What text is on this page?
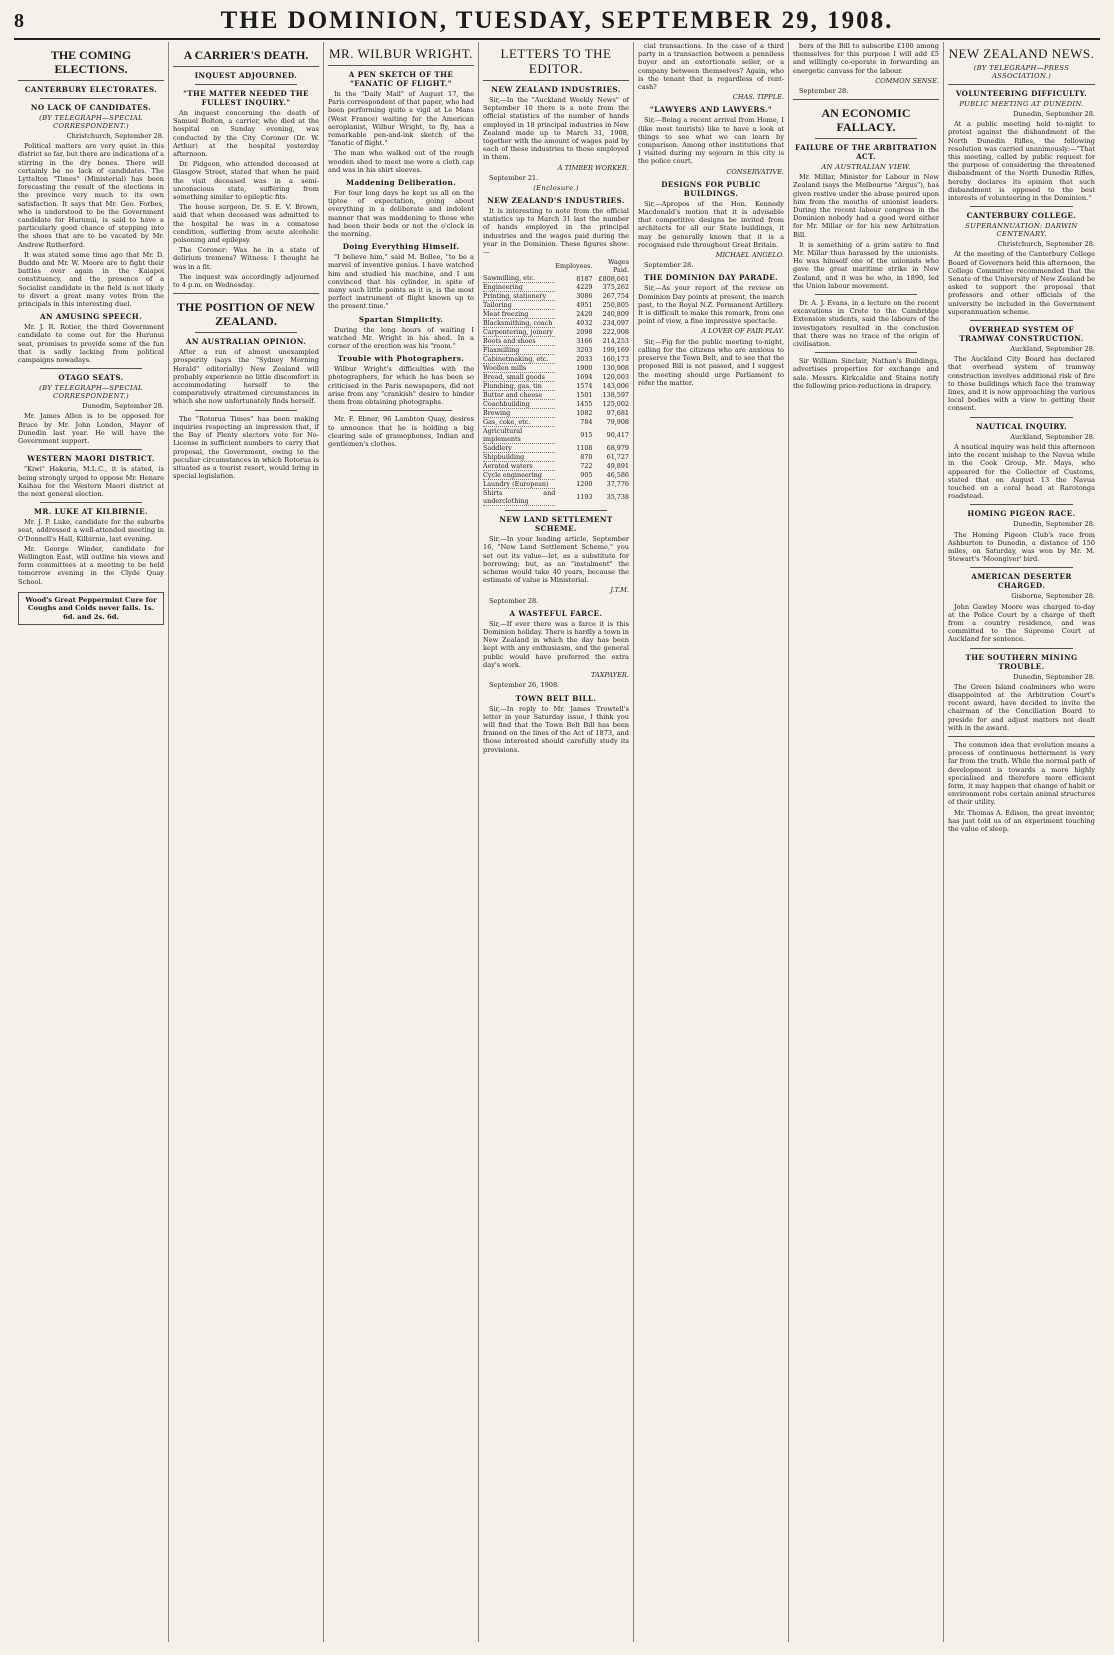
8	THE DOMINION, TUESDAY, SEPTEMBER 29, 1908.
THE COMING ELECTIONS.
CANTERBURY ELECTORATES.
NO LACK OF CANDIDATES.
(BY TELEGRAPH—SPECIAL CORRESPONDENT.)

Christchurch, September 28.

Political matters are very quiet in this district so far, but there are indications of a stirring in the dry bones. There will certainly be no lack of candidates. The Lyttelton "Times" (Ministerial) has been forecasting the result of the elections in the province very much to its own satisfaction. It says that Mr. Geo. Forbes, who is understood to be the Government candidate for Hurunui, is said to have a particularly good chance of stepping into the shoes that are to be vacated by Mr. Andrew Rutherford.

It was stated some time ago that Mr. D. Buddo and Mr. W. Moore are to fight their battles over again in the Kaiapoi constituency, and the presence of a Socialist candidate in the field is not likely to divert a great many votes from the principals in this interesting duel.

AN AMUSING SPEECH.

Mr. J. R. Rotier, the third Government candidate to come out for the Hurunui seat, promises to provide some of the fun that is sadly lacking from political campaigns nowadays.

OTAGO SEATS.
(BY TELEGRAPH—SPECIAL CORRESPONDENT.)

Dunedin, September 28.

Mr. James Allen is to be opposed for Bruce by Mr. John London, Mayor of Dunedin last year. He will have the Government support.

WESTERN MAORI DISTRICT.

"Kiwi" Hakaria, M.L.C., it is stated, is being strongly urged to oppose Mr. Henare Kaihau for the Western Maori district at the next general election.

MR. LUKE AT KILBIRNIE.

Mr. J. P. Luke, candidate for the suburbs seat, addressed a well-attended meeting in O'Donnell's Hall, Kilbirnie, last evening.

Mr. George Winder, candidate for Wellington East, will outline his views and form committees at a meeting to be held tomorrow evening in the Clyde Quay School.

Wood's Great Peppermint Cure for Coughs and Colds never fails. 1s. 6d. and 2s. 6d.
A CARRIER'S DEATH.
INQUEST ADJOURNED.
"THE MATTER NEEDED THE FULLEST INQUIRY."

An inquest concerning the death of Samuel Bolton, a carrier, who died at the hospital on Sunday evening, was conducted by the City Coroner (Dr. W. Arthur) at the hospital yesterday afternoon.

Dr. Pidgeon, who attended deceased at Glasgow Street, stated that when he paid the visit deceased was in a semi-unconscious state, suffering from something similar to epileptic fits.

The house surgeon, Dr. S. E. V. Brown, said that when deceased was admitted to the hospital he was in a comatose condition, suffering from acute alcoholic poisoning and epilepsy.

The Coroner: Was he in a state of delirium tremens? Witness: I thought he was in a fit.

The inquest was accordingly adjourned to 4 p.m. on Wednesday.

THE POSITION OF NEW ZEALAND.
AN AUSTRALIAN OPINION.

After a run of almost unexampled prosperity (says the "Sydney Morning Herald" editorially) New Zealand will probably experience no little discomfort in accommodating herself to the comparatively straitened circumstances in which she now unfortunately finds herself.

The "Rotorua Times" has been making inquiries respecting an impression that, if the Bay of Plenty electors vote for No-License in sufficient numbers to carry that proposal, the Government, owing to the peculiar circumstances in which Rotorua is situated as a tourist resort, would bring in special legislation.

MR. WILBUR WRIGHT.
A PEN SKETCH OF THE "FANATIC OF FLIGHT."

In the "Daily Mail" of August 17, the Paris correspondent of that paper, who had been performing quite a vigil at Le Mans (West France) waiting for the American aeroplanist, Wilbur Wright, to fly, has a remarkable pen-and-ink sketch of the "fanatic of flight."

The man who walked out of the rough wooden shed to meet me wore a cloth cap and was in his shirt sleeves.

Maddening Deliberation.

For four long days he kept us all on the tiptoe of expectation, going about everything in a deliberate and indolent manner that was maddening to those who had been their beds or not the o'clock in the morning.

Doing Everything Himself.

"I believe him," said M. Bollee, "to be a marvel of inventive genius. I have watched him and studied his machine, and I am convinced that his cylinder, in spite of many such little points as it is, is the most perfect instrument of flight known up to the present time."

Spartan Simplicity.

During the long hours of waiting I watched Mr. Wright in his shed. In a corner of the erection was his "room."

Trouble with Photographers.

Wilbur Wright's difficulties with the photographers, for which he has been so criticised in the Paris newspapers, did not arise from any "crankish" desire to hinder them from obtaining photographs.

Mr. F. Ebner, 96 Lambton Quay, desires to announce that he is holding a big clearing sale of gramophones, Indian and gentlemen's clothes.

LETTERS TO THE EDITOR.
NEW ZEALAND INDUSTRIES.

Sir,—In the "Auckland Weekly News" of September 10 there is a note from the official statistics of the number of hands employed in 18 principal industries in New Zealand made up to March 31, 1908, together with the amount of wages paid by each of these industries to those employed in them.

A TIMBER WORKER.

September 21.

(Enclosure.)
NEW ZEALAND'S INDUSTRIES.

It is interesting to note from the official statistics up to March 31 last the number of hands employed in the principal industries and the wages paid during the year in the Dominion. These figures show:—

	Employees.	Wages Paid.
Sawmilling, etc.	8187	£808,661
Engineering	4229	375,262
Printing, stationery	3086	267,754
Tailoring	4951	250,805
Meat freezing	2420	240,809
Blacksmithing, coach	4032	234,097
Carpentering, joinery	2098	222,908
Boots and shoes	3166	214,253
Flaxmilling	3203	199,169
Cabinetmaking, etc.	2033	160,173
Woollen mills	1900	130,908
Bread, small goods	1694	120,003
Plumbing, gas, tin	1574	143,006
Butter and cheese	1501	138,597
Coachbuilding	1455	125,002
Brewing	1082	97,681
Gas, coke, etc.	784	79,908
Agricultural implements	915	90,417
Saddlery	1108	68,979
Shipbuilding	870	61,727
Aerated waters	722	49,891
Cycle engineering	905	46,586
Laundry (European)	1200	37,776
Shirts and underclothing	1193	35,738
NEW LAND SETTLEMENT SCHEME.

Sir,—In your leading article, September 16, "New Land Settlement Scheme," you set out its value—let, as a substitute for borrowing; but, as an "instalment" the scheme would take 40 years, because the estimate of value is Ministerial.

J.T.M.

September 28.

A WASTEFUL FARCE.

Sir,—If ever there was a farce it is this Dominion holiday. There is hardly a town in New Zealand in which the day has been kept with any enthusiasm, and the general public would have preferred the extra day's work.

TAXPAYER.

September 26, 1908.

TOWN BELT BILL.

Sir,—In reply to Mr. James Trowtell's letter in your Saturday issue, I think you will find that the Town Belt Bill has been framed on the lines of the Act of 1873, and those interested should carefully study its provisions.

cial transactions. In the case of a third party in a transaction between a penniless buyer and an extortionate seller, or a company between themselves? Again, who is the tenant that is regardless of rent-cash?

CHAS. TIPPLE.

"LAWYERS AND LAWYERS."

Sir,—Being a recent arrival from Home, I (like most tourists) like to have a look at things to see what we can learn by comparison. Among other institutions that I visited during my sojourn in this city is the police court.

CONSERVATIVE.

DESIGNS FOR PUBLIC BUILDINGS.

Sir,—Apropos of the Hon. Kennedy Macdonald's motion that it is advisable that competitive designs be invited from architects for all our State buildings, it may be generally known that it is a recognised rule throughout Great Britain.

MICHAEL ANGELO.

September 28.

THE DOMINION DAY PARADE.

Sir,—As your report of the review on Dominion Day points at present, the march past, to the Royal N.Z. Permanent Artillery. It is difficult to make this remark, from one point of view, a fine impressive spectacle.

A LOVER OF FAIR PLAY.

Sir,—Fig for the public meeting to-night, calling for the citizens who are anxious to preserve the Town Belt, and to see that the proposed Bill is not passed, and I suggest the meeting should urge Parliament to refer the matter.

bers of the Bill to subscribe £100 among themselves for this purpose I will add £5 and willingly co-operate in forwarding an energetic canvass for the labour.

COMMON SENSE.

September 28.

AN ECONOMIC FALLACY.
FAILURE OF THE ARBITRATION ACT.
AN AUSTRALIAN VIEW.

Mr. Millar, Minister for Labour in New Zealand (says the Melbourne "Argus"), has given restive under the abuse poured upon him from the mouths of unionist leaders. During the recent labour congress in the Dominion nobody had a good word either for Mr. Millar or for his new Arbitration Bill.

It is something of a grim satire to find Mr. Millar thus harassed by the unionists. He was himself one of the unionists who gave the great maritime strike in New Zealand, and it was he who, in 1890, led the Union labour movement.

Dr. A. J. Evans, in a lecture on the recent excavations in Crete to the Cambridge Extension students, said the labours of the investigators resulted in the conclusion that there was no trace of the origin of civilisation.

Sir William Sinclair, Nathan's Buildings, advertises properties for exchange and sale. Messrs. Kirkcaldie and Stains notify the following price-reductions in drapery.

NEW ZEALAND NEWS.
(BY TELEGRAPH—PRESS ASSOCIATION.)
VOLUNTEERING DIFFICULTY.
PUBLIC MEETING AT DUNEDIN.

Dunedin, September 28.

At a public meeting held to-night to protest against the disbandment of the North Dunedin Rifles, the following resolution was carried unanimously:—"That this meeting, called by public request for the purpose of considering the threatened disbandment of the North Dunedin Rifles, hereby declares its opinion that such disbandment is opposed to the best interests of volunteering in the Dominion."

CANTERBURY COLLEGE.
SUPERANNUATION: DARWIN CENTENARY.

Christchurch, September 28.

At the meeting of the Canterbury College Board of Governors held this afternoon, the College Committee recommended that the Senate of the University of New Zealand be asked to support the proposal that professors and other officials of the university be included in the Government superannuation scheme.

OVERHEAD SYSTEM OF TRAMWAY CONSTRUCTION.

Auckland, September 28.

The Auckland City Board has declared that overhead system of tramway construction involves additional risk of fire to those buildings which face the tramway lines, and it is now approaching the various local bodies with a view to getting their consent.

NAUTICAL INQUIRY.

Auckland, September 28.

A nautical inquiry was held this afternoon into the recent mishap to the Navua while in the Cook Group. Mr. Mays, who appeared for the Collector of Customs, stated that on August 13 the Navua touched on a coral head at Rarotonga roadstead.

HOMING PIGEON RACE.

Dunedin, September 28.

The Homing Pigeon Club's race from Ashburton to Dunedin, a distance of 150 miles, on Saturday, was won by Mr. M. Stewart's 'Moongiver' bird.

AMERICAN DESERTER CHARGED.

Gisborne, September 28.

John Gawley Moore was charged to-day at the Police Court by a charge of theft from a country residence, and was committed to the Supreme Court at Auckland for sentence.

THE SOUTHERN MINING TROUBLE.

Dunedin, September 28.

The Green Island coalminers who were disappointed at the Arbitration Court's recent award, have decided to invite the chairman of the Conciliation Board to preside for and adjust matters not dealt with in the award.

The common idea that evolution means a process of continuous betterment is very far from the truth. While the normal path of development is towards a more highly specialised and therefore more efficient form, it may happen that change of habit or environment robs certain animal structures of their utility.

Mr. Thomas A. Edison, the great inventor, has just told us of an experiment touching the value of sleep.
